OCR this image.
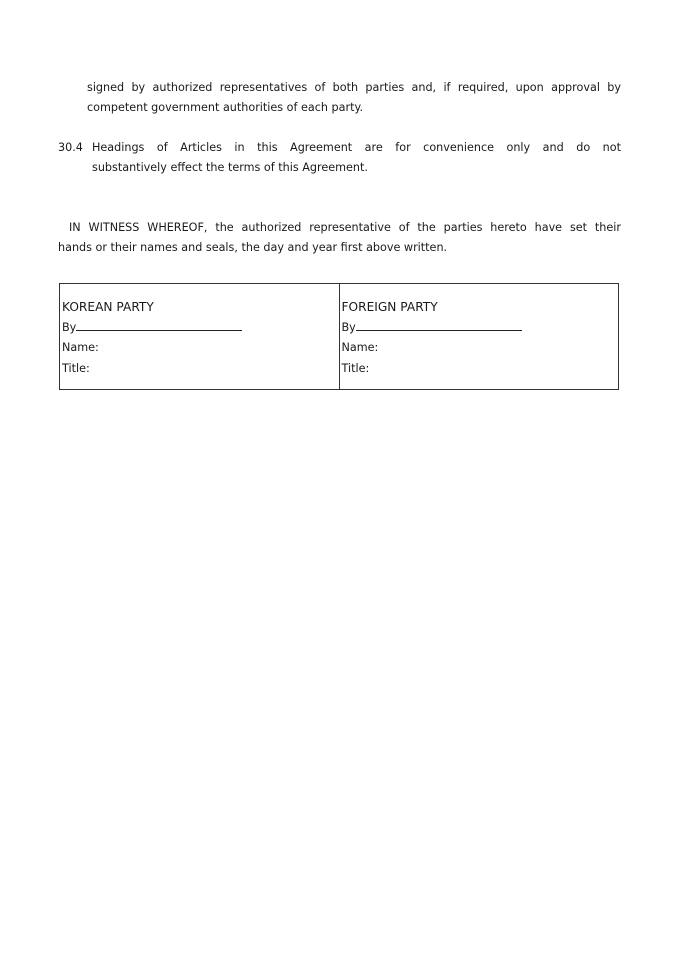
signed by authorized representatives of both parties and, if required, upon approval by
competent government authorities of each party.
30.4 Headings of Articles in this Agreement are for convenience only and do not
substantively effect the terms of this Agreement.
IN WITNESS WHEREOF, the authorized representative of the parties hereto have set their
hands or their names and seals, the day and year first above written.
KOREAN PARTY
By
Name:
Title:

FOREIGN PARTY
By
Name:
Title:
